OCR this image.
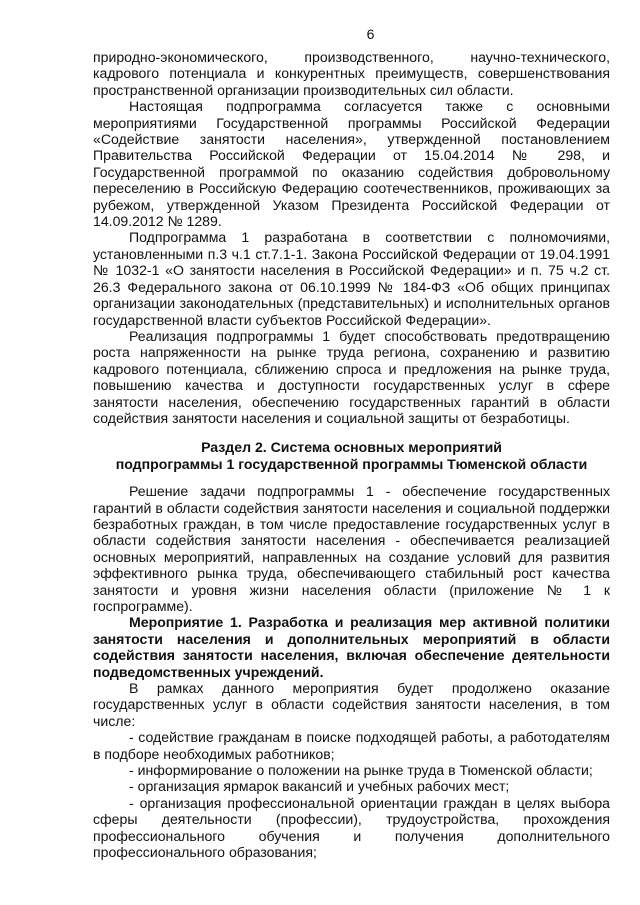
6

природно-экономического, производственного, научно-технического, кадрового потенциала и конкурентных преимуществ, совершенствования пространственной организации производительных сил области.

Настоящая подпрограмма согласуется также с основными мероприятиями Государственной программы Российской Федерации «Содействие занятости населения», утвержденной постановлением Правительства Российской Федерации от 15.04.2014 № 298, и Государственной программой по оказанию содействия добровольному переселению в Российскую Федерацию соотечественников, проживающих за рубежом, утвержденной Указом Президента Российской Федерации от 14.09.2012 № 1289.

Подпрограмма 1 разработана в соответствии с полномочиями, установленными п.3 ч.1 ст.7.1-1. Закона Российской Федерации от 19.04.1991 № 1032-1 «О занятости населения в Российской Федерации» и п. 75 ч.2 ст. 26.3 Федерального закона от 06.10.1999 № 184-ФЗ «Об общих принципах организации законодательных (представительных) и исполнительных органов государственной власти субъектов Российской Федерации».

Реализация подпрограммы 1 будет способствовать предотвращению роста напряженности на рынке труда региона, сохранению и развитию кадрового потенциала, сближению спроса и предложения на рынке труда, повышению качества и доступности государственных услуг в сфере занятости населения, обеспечению государственных гарантий в области содействия занятости населения и социальной защиты от безработицы.

Раздел 2. Система основных мероприятий
подпрограммы 1 государственной программы Тюменской области

Решение задачи подпрограммы 1 - обеспечение государственных гарантий в области содействия занятости населения и социальной поддержки безработных граждан, в том числе предоставление государственных услуг в области содействия занятости населения - обеспечивается реализацией основных мероприятий, направленных на создание условий для развития эффективного рынка труда, обеспечивающего стабильный рост качества занятости и уровня жизни населения области (приложение № 1 к госпрограмме).

Мероприятие 1. Разработка и реализация мер активной политики занятости населения и дополнительных мероприятий в области содействия занятости населения, включая обеспечение деятельности подведомственных учреждений.

В рамках данного мероприятия будет продолжено оказание государственных услуг в области содействия занятости населения, в том числе:

- содействие гражданам в поиске подходящей работы, а работодателям в подборе необходимых работников;

- информирование о положении на рынке труда в Тюменской области;

- организация ярмарок вакансий и учебных рабочих мест;

- организация профессиональной ориентации граждан в целях выбора сферы деятельности (профессии), трудоустройства, прохождения профессионального обучения и получения дополнительного профессионального образования;
